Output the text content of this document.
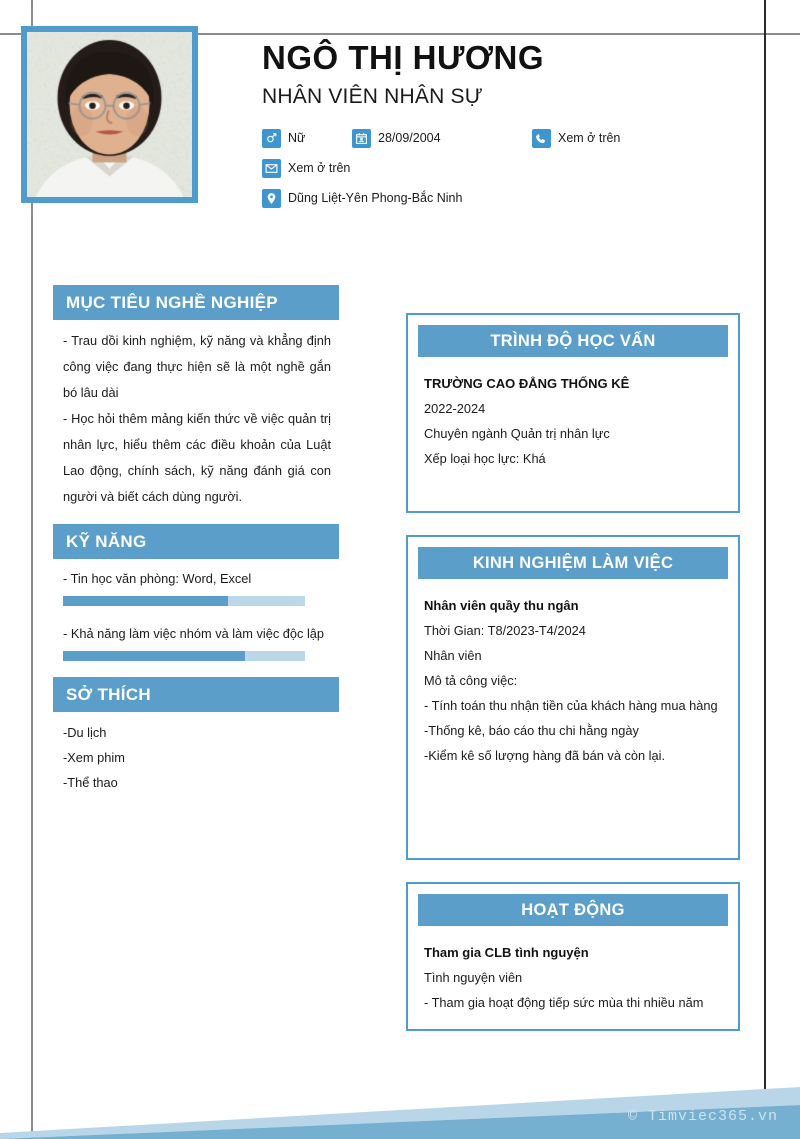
NGÔ THỊ HƯƠNG
NHÂN VIÊN NHÂN SỰ
Nữ	28/09/2004	Xem ở trên
Xem ở trên
Dũng Liệt-Yên Phong-Bắc Ninh
MỤC TIÊU NGHỀ NGHIỆP

- Trau dồi kinh nghiệm, kỹ năng và khẳng định công việc đang thực hiện sẽ là một nghề gắn bó lâu dài

- Học hỏi thêm mảng kiến thức về việc quản trị nhân lực, hiểu thêm các điều khoản của Luật Lao động, chính sách, kỹ năng đánh giá con người và biết cách dùng người.

KỸ NĂNG
- Tin học văn phòng: Word, Excel
- Khả năng làm việc nhóm và làm việc độc lập
SỞ THÍCH
-Du lịch
-Xem phim
-Thể thao
TRÌNH ĐỘ HỌC VẤN
TRƯỜNG CAO ĐẲNG THỐNG KÊ
2022-2024
Chuyên ngành Quản trị nhân lực
Xếp loại học lực: Khá
KINH NGHIỆM LÀM VIỆC
Nhân viên quầy thu ngân
Thời Gian: T8/2023-T4/2024
Nhân viên
Mô tả công việc:
- Tính toán thu nhận tiền của khách hàng mua hàng
-Thống kê, báo cáo thu chi hằng ngày
-Kiểm kê số lượng hàng đã bán và còn lại.
HOẠT ĐỘNG
Tham gia CLB tình nguyện
Tình nguyện viên
- Tham gia hoạt động tiếp sức mùa thi nhiều năm
© Timviec365.vn
